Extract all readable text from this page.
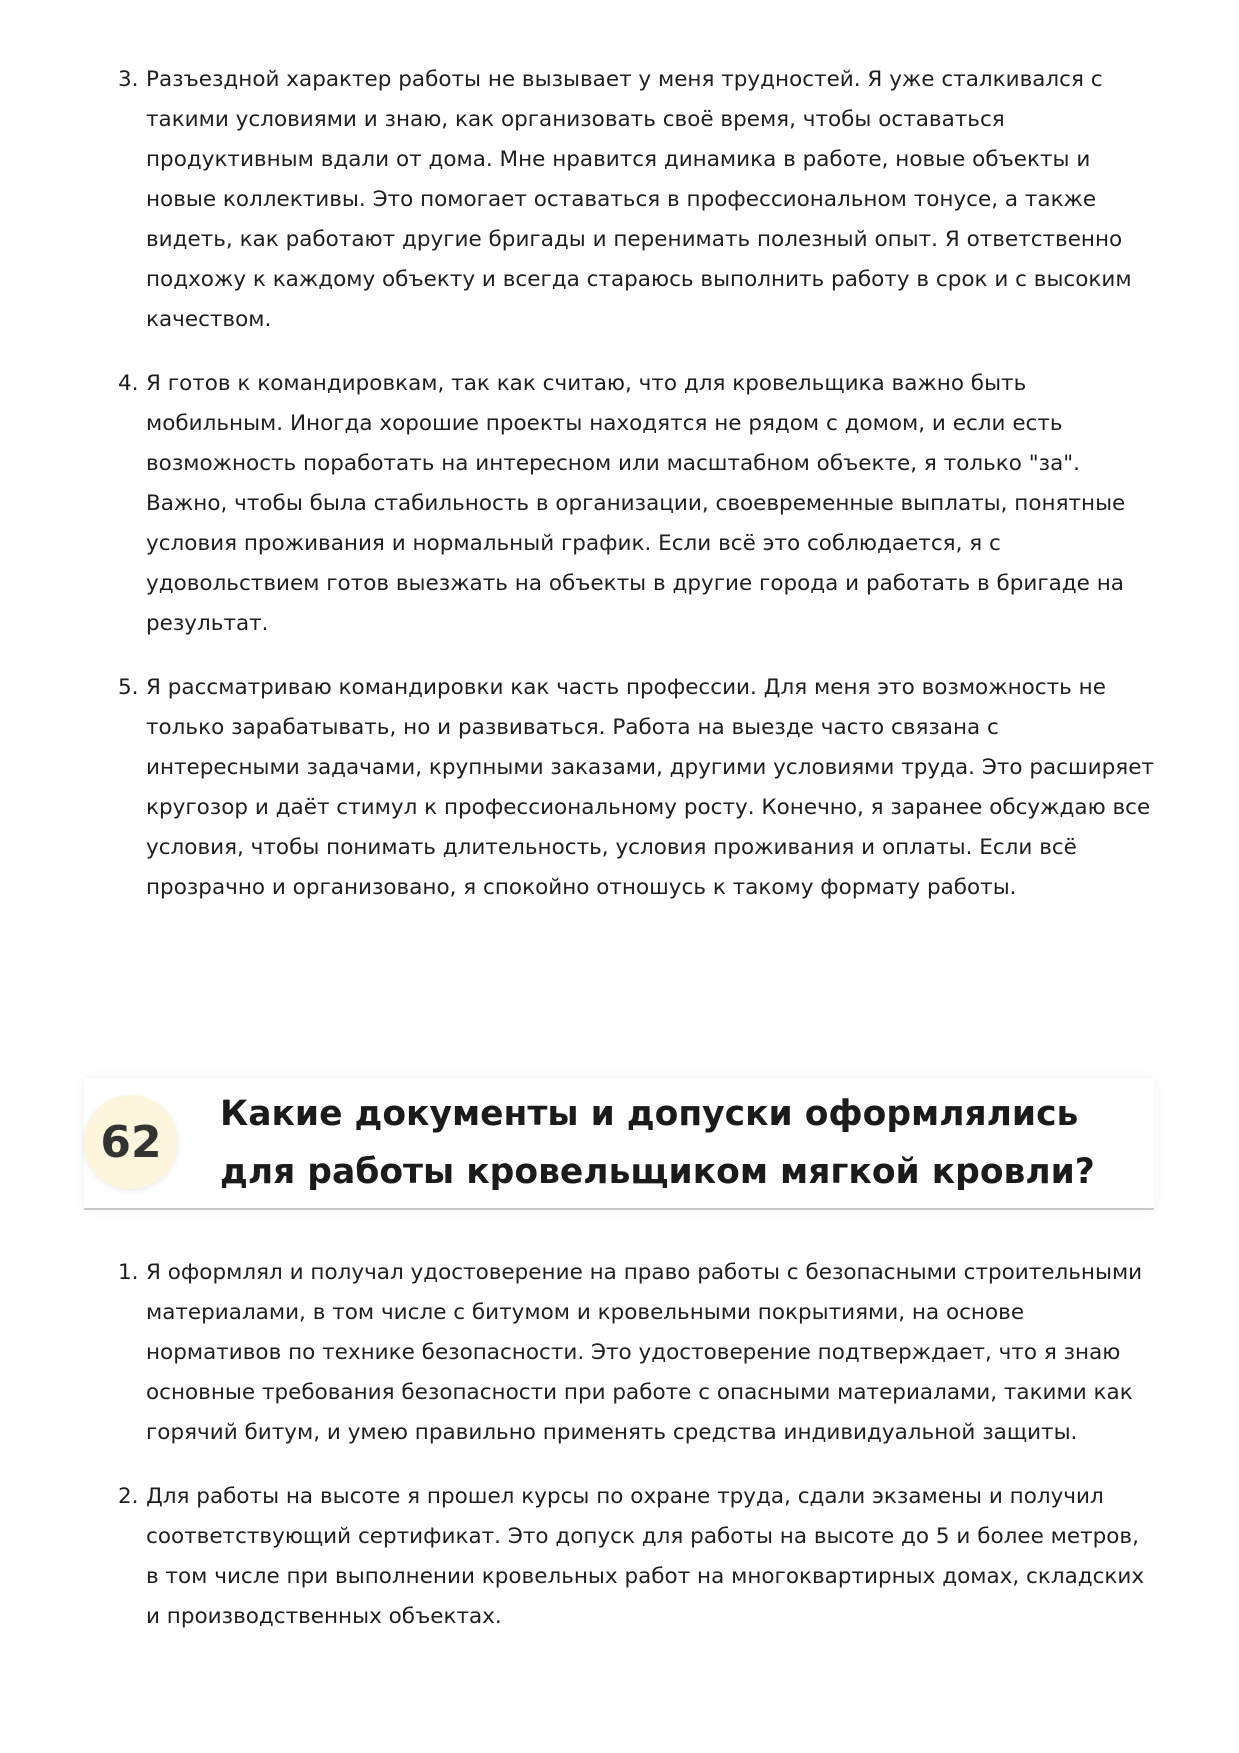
3. Разъездной характер работы не вызывает у меня трудностей. Я уже сталкивался с такими условиями и знаю, как организовать своё время, чтобы оставаться продуктивным вдали от дома. Мне нравится динамика в работе, новые объекты и новые коллективы. Это помогает оставаться в профессиональном тонусе, а также видеть, как работают другие бригады и перенимать полезный опыт. Я ответственно подхожу к каждому объекту и всегда стараюсь выполнить работу в срок и с высоким качеством.
4. Я готов к командировкам, так как считаю, что для кровельщика важно быть мобильным. Иногда хорошие проекты находятся не рядом с домом, и если есть возможность поработать на интересном или масштабном объекте, я только "за". Важно, чтобы была стабильность в организации, своевременные выплаты, понятные условия проживания и нормальный график. Если всё это соблюдается, я с удовольствием готов выезжать на объекты в другие города и работать в бригаде на результат.
5. Я рассматриваю командировки как часть профессии. Для меня это возможность не только зарабатывать, но и развиваться. Работа на выезде часто связана с интересными задачами, крупными заказами, другими условиями труда. Это расширяет кругозор и даёт стимул к профессиональному росту. Конечно, я заранее обсуждаю все условия, чтобы понимать длительность, условия проживания и оплаты. Если всё прозрачно и организовано, я спокойно отношусь к такому формату работы.
62
Какие документы и допуски оформлялись для работы кровельщиком мягкой кровли?
1. Я оформлял и получал удостоверение на право работы с безопасными строительными материалами, в том числе с битумом и кровельными покрытиями, на основе нормативов по технике безопасности. Это удостоверение подтверждает, что я знаю основные требования безопасности при работе с опасными материалами, такими как горячий битум, и умею правильно применять средства индивидуальной защиты.
2. Для работы на высоте я прошел курсы по охране труда, сдали экзамены и получил соответствующий сертификат. Это допуск для работы на высоте до 5 и более метров, в том числе при выполнении кровельных работ на многоквартирных домах, складских и производственных объектах.
